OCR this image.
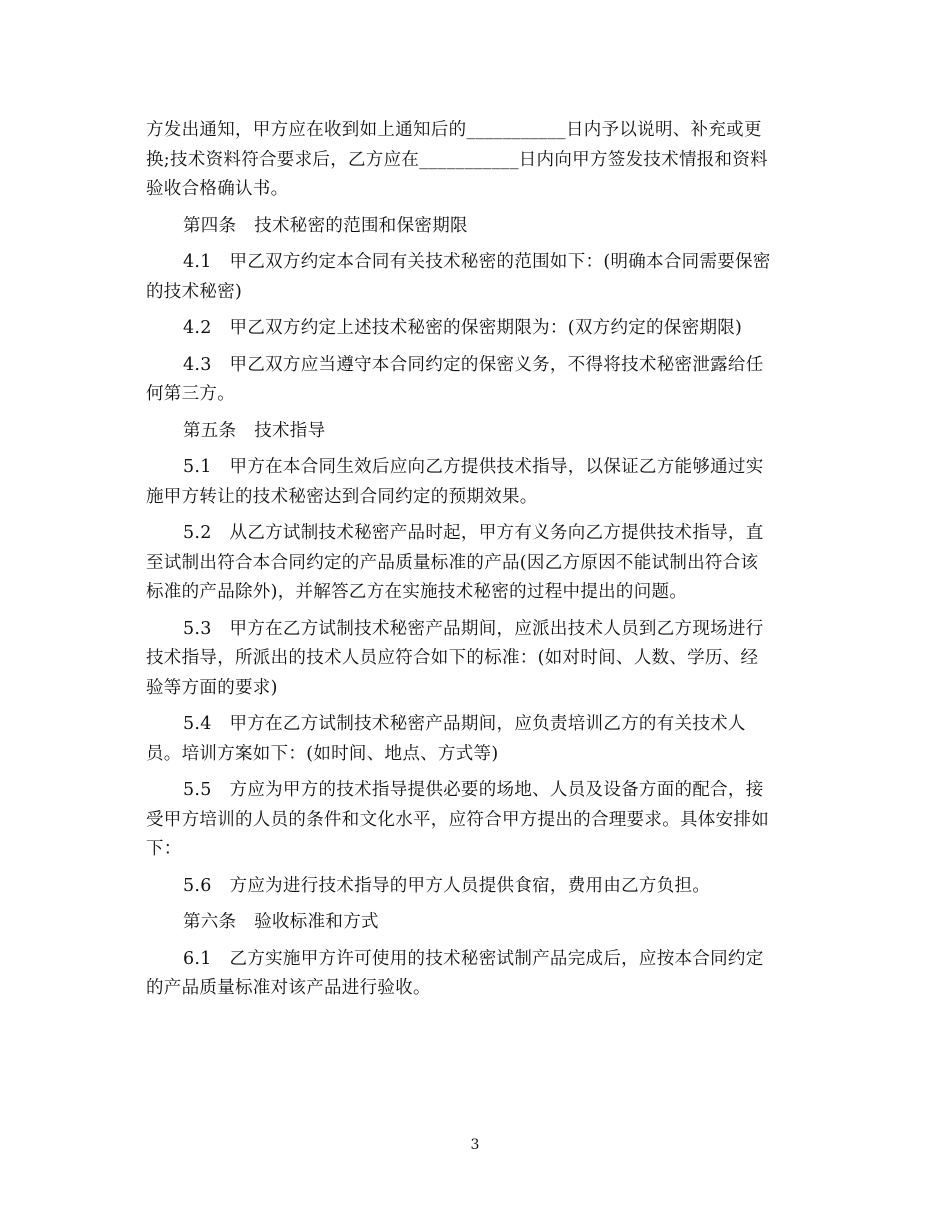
方发出通知，甲方应在收到如上通知后的___________日内予以说明、补充或更
换;技术资料符合要求后，乙方应在___________日内向甲方签发技术情报和资料
验收合格确认书。
第四条　技术秘密的范围和保密期限
4.1　甲乙双方约定本合同有关技术秘密的范围如下：(明确本合同需要保密
的技术秘密)
4.2　甲乙双方约定上述技术秘密的保密期限为：(双方约定的保密期限)
4.3　甲乙双方应当遵守本合同约定的保密义务，不得将技术秘密泄露给任
何第三方。
第五条　技术指导
5.1　甲方在本合同生效后应向乙方提供技术指导，以保证乙方能够通过实
施甲方转让的技术秘密达到合同约定的预期效果。
5.2　从乙方试制技术秘密产品时起，甲方有义务向乙方提供技术指导，直
至试制出符合本合同约定的产品质量标准的产品(因乙方原因不能试制出符合该
标准的产品除外)，并解答乙方在实施技术秘密的过程中提出的问题。
5.3　甲方在乙方试制技术秘密产品期间，应派出技术人员到乙方现场进行
技术指导，所派出的技术人员应符合如下的标准：(如对时间、人数、学历、经
验等方面的要求)
5.4　甲方在乙方试制技术秘密产品期间，应负责培训乙方的有关技术人
员。培训方案如下：(如时间、地点、方式等)
5.5　方应为甲方的技术指导提供必要的场地、人员及设备方面的配合，接
受甲方培训的人员的条件和文化水平，应符合甲方提出的合理要求。具体安排如
下：
5.6　方应为进行技术指导的甲方人员提供食宿，费用由乙方负担。
第六条　验收标准和方式
6.1　乙方实施甲方许可使用的技术秘密试制产品完成后，应按本合同约定
的产品质量标准对该产品进行验收。
3
